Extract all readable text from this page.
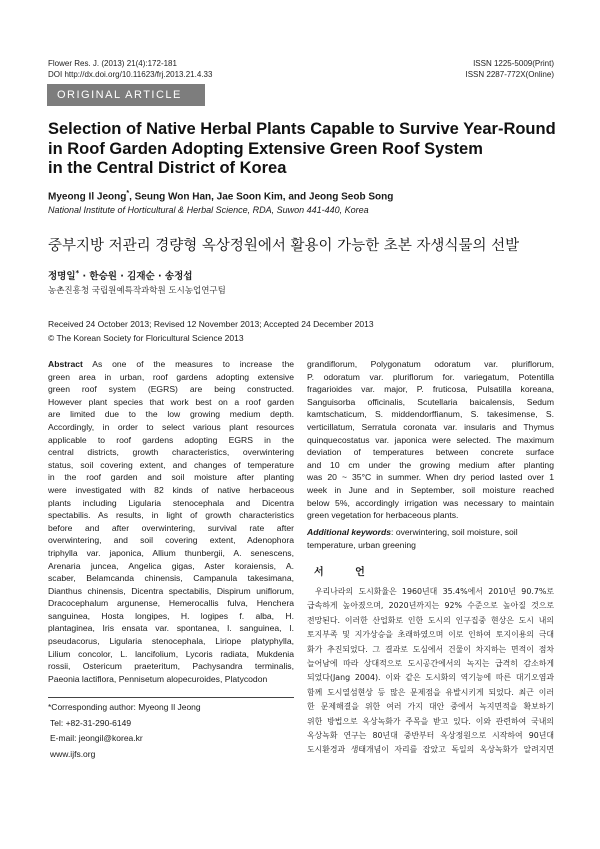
Flower Res. J. (2013) 21(4):172-181
DOI http://dx.doi.org/10.11623/frj.2013.21.4.33
ISSN 1225-5009(Print)
ISSN 2287-772X(Online)
ORIGINAL ARTICLE
Selection of Native Herbal Plants Capable to Survive Year-Round
in Roof Garden Adopting Extensive Green Roof System
in the Central District of Korea
Myeong Il Jeong*, Seung Won Han, Jae Soon Kim, and Jeong Seob Song
National Institute of Horticultural & Herbal Science, RDA, Suwon 441-440, Korea
중부지방 저관리 경량형 옥상정원에서 활용이 가능한 초본 자생식물의 선발
정명일* · 한승원 · 김재순 · 송정섭
농촌진흥청 국립원예특작과학원 도시농업연구팀
Received 24 October 2013; Revised 12 November 2013; Accepted 24 December 2013
© The Korean Society for Floricultural Science 2013
Abstract As one of the measures to increase the
green area in urban, roof gardens adopting extensive
green roof system (EGRS) are being constructed.
However plant species that work best on a roof garden
are limited due to the low growing medium depth.
Accordingly, in order to select various plant resources
applicable to roof gardens adopting EGRS in the
central districts, growth characteristics, overwintering
status, soil covering extent, and changes of temperature
in the roof garden and soil moisture after planting
were investigated with 82 kinds of native herbaceous
plants including Ligularia stenocephala and Dicentra
spectabilis. As results, in light of growth characteristics
before and after overwintering, survival rate after
overwintering, and soil covering extent, Adenophora
triphylla var. japonica, Allium thunbergii, A. senescens,
Arenaria juncea, Angelica gigas, Aster koraiensis, A.
scaber, Belamcanda chinensis, Campanula takesimana,
Dianthus chinensis, Dicentra spectabilis, Dispirum uniflorum,
Dracocephalum argunense, Hemerocallis fulva, Henchera
sanguinea, Hosta longipes, H. logipes f. alba, H.
plantaginea, Iris ensata var. spontanea, I. sanguinea, I.
pseudacorus, Ligularia stenocephala, Liriope platyphylla,
Lilium concolor, L. lancifolium, Lycoris radiata, Mukdenia
rossii, Ostericum praeteritum, Pachysandra terminalis,
Paeonia lactiflora, Pennisetum alopecuroides, Platycodon
grandiflorum, Polygonatum odoratum var. pluriflorum,
P. odoratum var. pluriflorum for. variegatum, Potentilla
fragarioides var. major, P. fruticosa, Pulsatilla koreana,
Sanguisorba officinalis, Scutellaria baicalensis, Sedum
kamtschaticum, S. middendorffianum, S. takesimense, S.
verticillatum, Serratula coronata var. insularis and Thymus
quinquecostatus var. japonica were selected. The maximum
deviation of temperatures between concrete surface
and 10 cm under the growing medium after planting
was 20 ~ 35°C in summer. When dry period lasted over 1
week in June and in September, soil moisture reached
below 5%, accordingly irrigation was necessary to maintain
green vegetation for herbaceous plants.
Additional keywords: overwintering, soil moisture, soil
temperature, urban greening
서 언
우리나라의 도시화율은 1960년대 35.4%에서 2010년 90.7%로
급속하게 높아졌으며, 2020년까지는 92% 수준으로 높아질 것으로
전망된다. 이러한 산업화로 인한 도시의 인구집중 현상은 도시 내의
토지부족 및 지가상승을 초래하였으며 이로 인하여 토지이용의 극대
화가 추진되었다. 그 결과로 도심에서 건물이 차지하는 면적이 점차
늘어남에 따라 상대적으로 도시공간에서의 녹지는 급격히 감소하게
되었다(Jang 2004). 이와 같은 도시화의 역기능에 따른 대기오염과
함께 도시열섬현상 등 많은 문제점을 유발시키게 되었다. 최근 이러
한 문제해결을 위한 여러 가지 대안 중에서 녹지면적을 확보하기
위한 방법으로 옥상녹화가 주목을 받고 있다. 이와 관련하여 국내의
옥상녹화 연구는 80년대 중반부터 옥상정원으로 시작하여 90년대
도시환경과 생태개념이 자리를 잡았고 독일의 옥상녹화가 알려지면
*Corresponding author: Myeong Il Jeong
Tel: +82-31-290-6149
E-mail: jeongil@korea.kr
www.ijfs.org
